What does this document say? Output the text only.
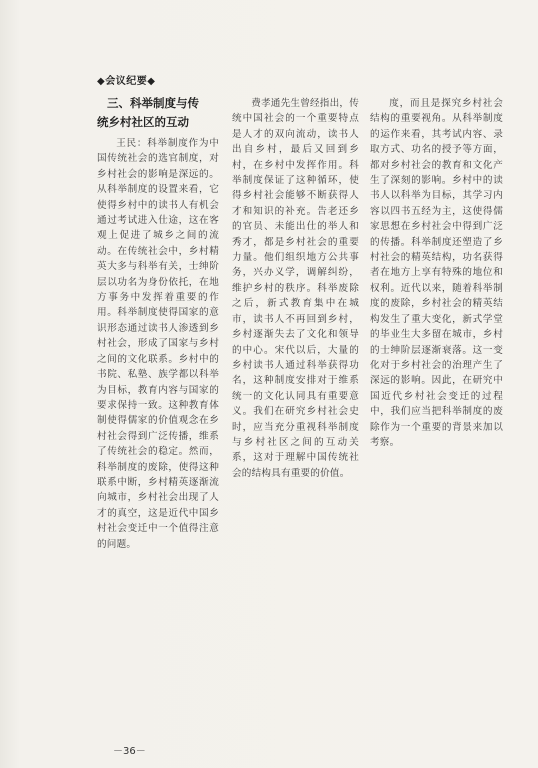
◆会议纪要◆
三、科举制度与传
统乡村社区的互动

王民：科举制度作为中国传统社会的选官制度，对乡村社会的影响是深远的。从科举制度的设置来看，它使得乡村中的读书人有机会通过考试进入仕途，这在客观上促进了城乡之间的流动。在传统社会中，乡村精英大多与科举有关，士绅阶层以功名为身份依托，在地方事务中发挥着重要的作用。科举制度使得国家的意识形态通过读书人渗透到乡村社会，形成了国家与乡村之间的文化联系。乡村中的书院、私塾、族学都以科举为目标，教育内容与国家的要求保持一致。这种教育体制使得儒家的价值观念在乡村社会得到广泛传播，维系了传统社会的稳定。然而，科举制度的废除，使得这种联系中断，乡村精英逐渐流向城市，乡村社会出现了人才的真空，这是近代中国乡村社会变迁中一个值得注意的问题。

费孝通先生曾经指出，传统中国社会的一个重要特点是人才的双向流动，读书人出自乡村，最后又回到乡村，在乡村中发挥作用。科举制度保证了这种循环，使得乡村社会能够不断获得人才和知识的补充。告老还乡的官员、未能出仕的举人和秀才，都是乡村社会的重要力量。他们组织地方公共事务，兴办义学，调解纠纷，维护乡村的秩序。科举废除之后，新式教育集中在城市，读书人不再回到乡村，乡村逐渐失去了文化和领导的中心。宋代以后，大量的乡村读书人通过科举获得功名，这种制度安排对于维系统一的文化认同具有重要意义。我们在研究乡村社会史时，应当充分重视科举制度与乡村社区之间的互动关系，这对于理解中国传统社会的结构具有重要的价值。

度，而且是探究乡村社会结构的重要视角。从科举制度的运作来看，其考试内容、录取方式、功名的授予等方面，都对乡村社会的教育和文化产生了深刻的影响。乡村中的读书人以科举为目标，其学习内容以四书五经为主，这使得儒家思想在乡村社会中得到广泛的传播。科举制度还塑造了乡村社会的精英结构，功名获得者在地方上享有特殊的地位和权利。近代以来，随着科举制度的废除，乡村社会的精英结构发生了重大变化，新式学堂的毕业生大多留在城市，乡村的士绅阶层逐渐衰落。这一变化对于乡村社会的治理产生了深远的影响。因此，在研究中国近代乡村社会变迁的过程中，我们应当把科举制度的废除作为一个重要的背景来加以考察。

－36－
